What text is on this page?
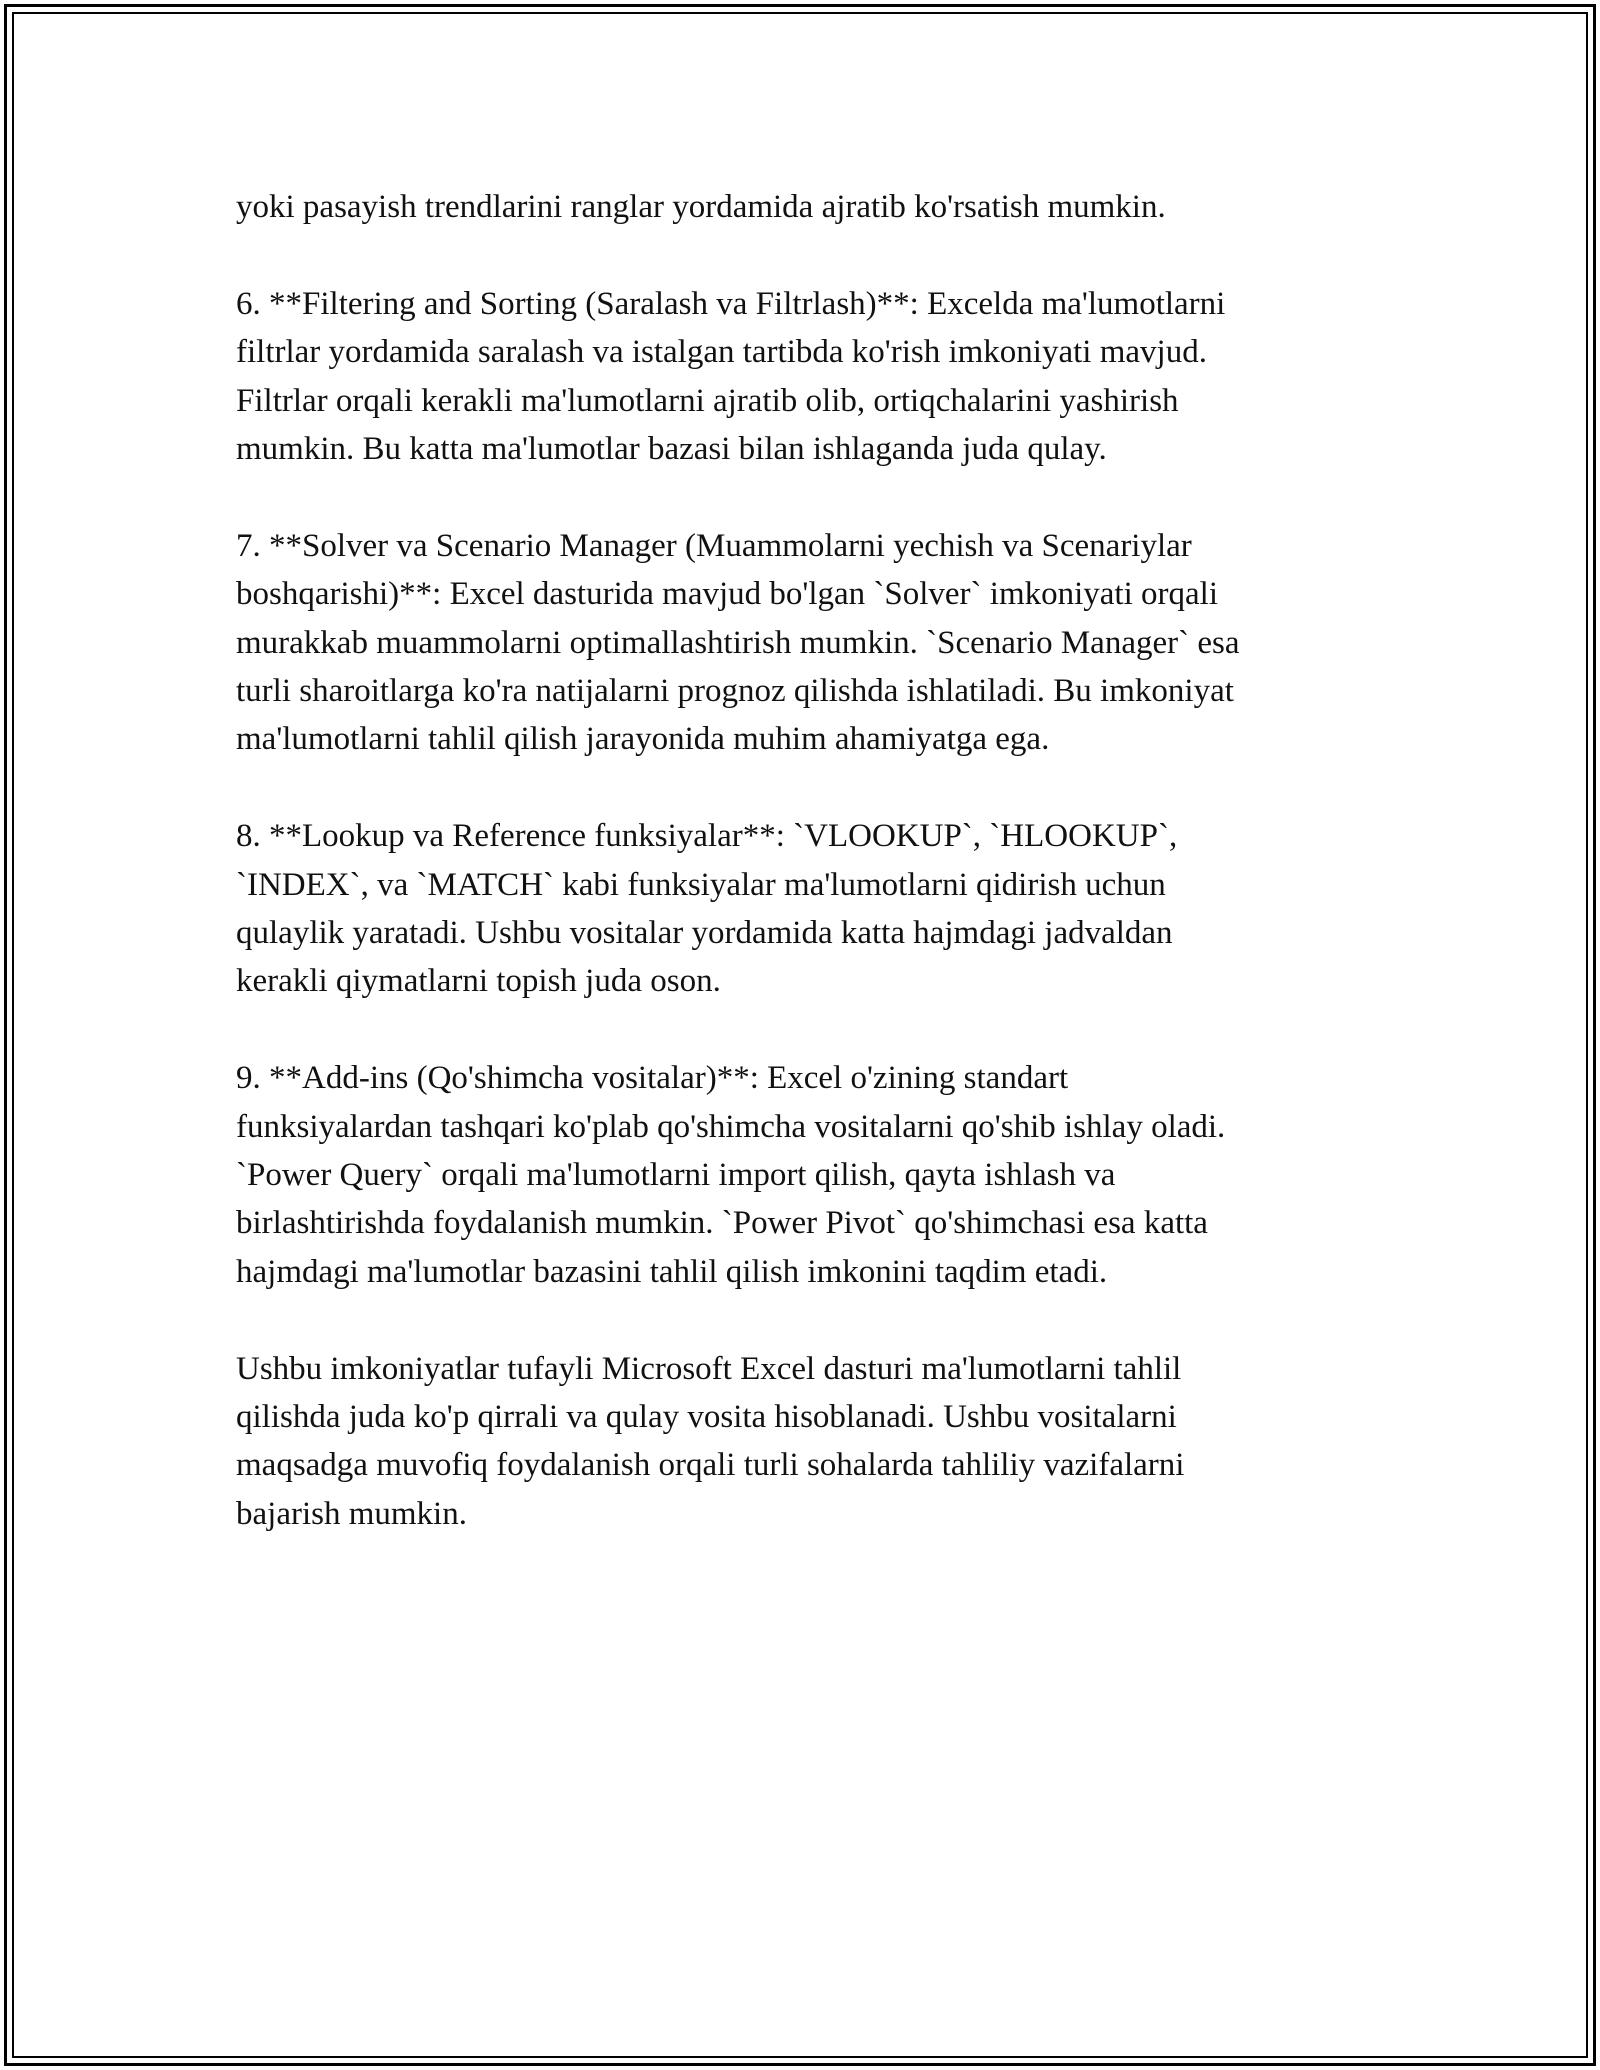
yoki pasayish trendlarini ranglar yordamida ajratib ko'rsatish mumkin.

6. **Filtering and Sorting (Saralash va Filtrlash)**: Excelda ma'lumotlarni
filtrlar yordamida saralash va istalgan tartibda ko'rish imkoniyati mavjud.
Filtrlar orqali kerakli ma'lumotlarni ajratib olib, ortiqchalarini yashirish
mumkin. Bu katta ma'lumotlar bazasi bilan ishlaganda juda qulay.

7. **Solver va Scenario Manager (Muammolarni yechish va Scenariylar
boshqarishi)**: Excel dasturida mavjud bo'lgan `Solver` imkoniyati orqali
murakkab muammolarni optimallashtirish mumkin. `Scenario Manager` esa
turli sharoitlarga ko'ra natijalarni prognoz qilishda ishlatiladi. Bu imkoniyat
ma'lumotlarni tahlil qilish jarayonida muhim ahamiyatga ega.

8. **Lookup va Reference funksiyalar**: `VLOOKUP`, `HLOOKUP`,
`INDEX`, va `MATCH` kabi funksiyalar ma'lumotlarni qidirish uchun
qulaylik yaratadi. Ushbu vositalar yordamida katta hajmdagi jadvaldan
kerakli qiymatlarni topish juda oson.

9. **Add-ins (Qo'shimcha vositalar)**: Excel o'zining standart
funksiyalardan tashqari ko'plab qo'shimcha vositalarni qo'shib ishlay oladi.
`Power Query` orqali ma'lumotlarni import qilish, qayta ishlash va
birlashtirishda foydalanish mumkin. `Power Pivot` qo'shimchasi esa katta
hajmdagi ma'lumotlar bazasini tahlil qilish imkonini taqdim etadi.

Ushbu imkoniyatlar tufayli Microsoft Excel dasturi ma'lumotlarni tahlil
qilishda juda ko'p qirrali va qulay vosita hisoblanadi. Ushbu vositalarni
maqsadga muvofiq foydalanish orqali turli sohalarda tahliliy vazifalarni
bajarish mumkin.
